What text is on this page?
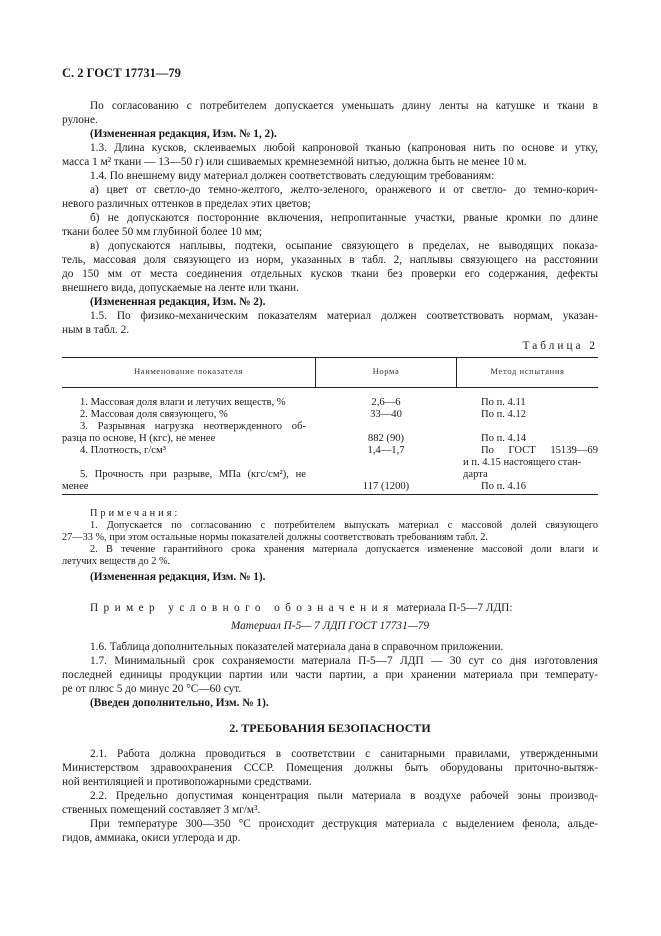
С. 2 ГОСТ 17731—79
По согласованию с потребителем допускается уменьшать длину ленты на катушке и ткани в
рулоне.
(Измененная редакция, Изм. № 1, 2).
1.3. Длина кусков, склеиваемых любой капроновой тканью (капроновая нить по основе и утку,
масса 1 м² ткани — 13—50 г) или сшиваемых кремнеземной нитью, должна быть не менее 10 м.
1.4. По внешнему виду материал должен соответствовать следующим требованиям:
а) цвет от светло-до темно-желтого, желто-зеленого, оранжевого и от светло- до темно-корич-
невого различных оттенков в пределах этих цветов;
б) не допускаются посторонние включения, непропитанные участки, рваные кромки по длине
ткани более 50 мм глубиной более 10 мм;
в) допускаются наплывы, подтеки, осыпание связующего в пределах, не выводящих показа-
тель, массовая доля связующего из норм, указанных в табл. 2, наплывы связующего на расстоянии
до 150 мм от места соединения отдельных кусков ткани без проверки его содержания, дефекты
внешнего вида, допускаемые на ленте или ткани.
(Измененная редакция, Изм. № 2).
1.5. По физико-механическим показателям материал должен соответствовать нормам, указан-
ным в табл. 2.
Таблица 2
Наименование показателя	Норма	Метод испытания
1. Массовая доля влаги и летучих веществ, %	2,6—6	По п. 4.11
2. Массовая доля связующего, %	33—40	По п. 4.12
3. Разрывная нагрузка неотвержденного об-
разца по основе, Н (кгс), не менее	882 (90)	По п. 4.14
4. Плотность, г/см³	1,4—1,7	По ГОСТ 15139—69
и п. 4.15 настоящего стан-
дарта
5. Прочность при разрыве, МПа (кгс/см²), не
менее	117 (1200)	По п. 4.16
Примечания:
1. Допускается по согласованию с потребителем выпускать материал с массовой долей связующего
27—33 %, при этом остальные нормы показателей должны соответствовать требованиям табл. 2.
2. В течение гарантийного срока хранения материала допускается изменение массовой доли влаги и
летучих веществ до 2 %.
(Измененная редакция, Изм. № 1).
Пример условного обозначения материала П-5—7 ЛДП:
Материал П-5— 7 ЛДП ГОСТ 17731—79
1.6. Таблица дополнительных показателей материала дана в справочном приложении.
1.7. Минимальный срок сохраняемости материала П-5—7 ЛДП — 30 сут со дня изготовления
последней единицы продукции партии или части партии, а при хранении материала при температу-
ре от плюс 5 до минус 20 °С—60 сут.
(Введен дополнительно, Изм. № 1).
2. ТРЕБОВАНИЯ БЕЗОПАСНОСТИ
2.1. Работа должна проводиться в соответствии с санитарными правилами, утвержденными
Министерством здравоохранения СССР. Помещения должны быть оборудованы приточно-вытяж-
ной вентиляцией и противопожарными средствами.
2.2. Предельно допустимая концентрация пыли материала в воздухе рабочей зоны производ-
ственных помещений составляет 3 мг/м³.
При температуре 300—350 °С происходит деструкция материала с выделением фенола, альде-
гидов, аммиака, окиси углерода и др.
